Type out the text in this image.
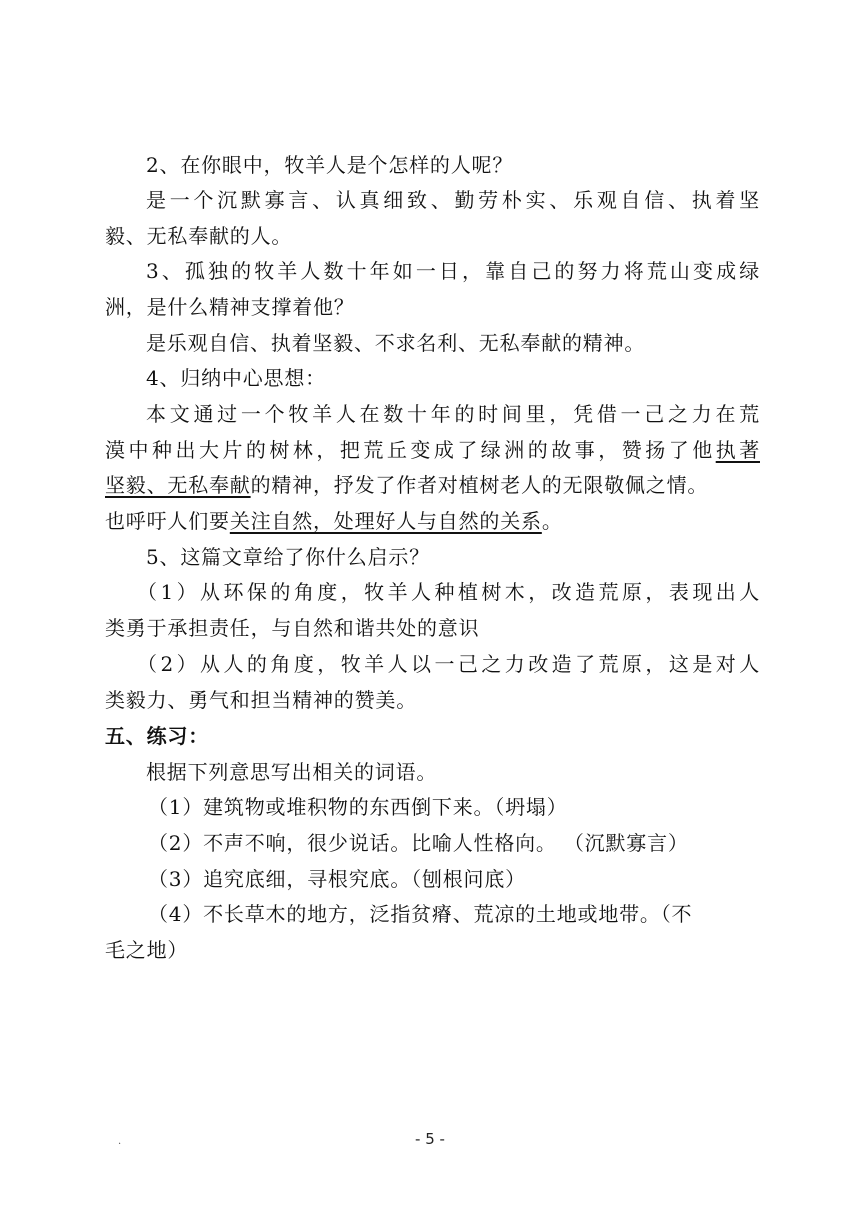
2、在你眼中，牧羊人是个怎样的人呢？
是一个沉默寡言、认真细致、勤劳朴实、乐观自信、执着坚
毅、无私奉献的人。
3、孤独的牧羊人数十年如一日，靠自己的努力将荒山变成绿
洲，是什么精神支撑着他？
是乐观自信、执着坚毅、不求名利、无私奉献的精神。
4、归纳中心思想：
本文通过一个牧羊人在数十年的时间里，凭借一己之力在荒
漠中种出大片的树林，把荒丘变成了绿洲的故事，赞扬了他执著
坚毅、无私奉献的精神，抒发了作者对植树老人的无限敬佩之情。
也呼吁人们要关注自然，处理好人与自然的关系。
5、这篇文章给了你什么启示？
（1）从环保的角度，牧羊人种植树木，改造荒原，表现出人
类勇于承担责任，与自然和谐共处的意识
（2）从人的角度，牧羊人以一己之力改造了荒原，这是对人
类毅力、勇气和担当精神的赞美。
五、练习：
根据下列意思写出相关的词语。
（1）建筑物或堆积物的东西倒下来。（坍塌）
（2）不声不响，很少说话。比喻人性格向。 （沉默寡言）
（3）追究底细，寻根究底。（刨根问底）
（4）不长草木的地方，泛指贫瘠、荒凉的土地或地带。（不
毛之地）
.	- 5 -
